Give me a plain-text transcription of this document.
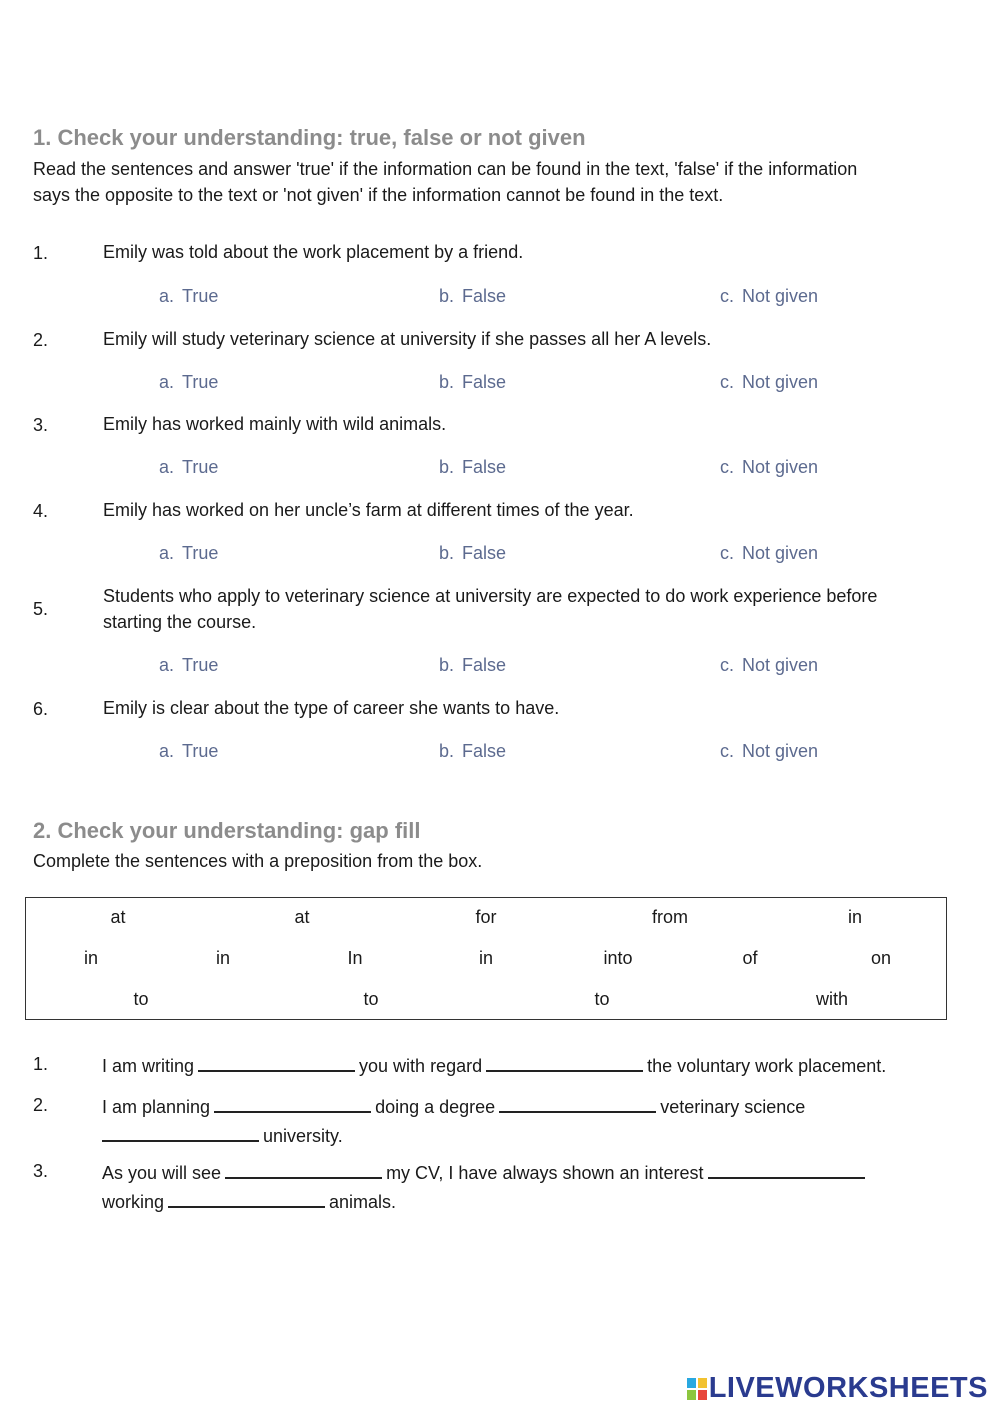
1. Check your understanding: true, false or not given
Read the sentences and answer 'true' if the information can be found in the text, 'false' if the information
says the opposite to the text or 'not given' if the information cannot be found in the text.
1.	Emily was told about the work placement by a friend.
a. True	b. False	c. Not given
2.	Emily will study veterinary science at university if she passes all her A levels.
a. True	b. False	c. Not given
3.	Emily has worked mainly with wild animals.
a. True	b. False	c. Not given
4.	Emily has worked on her uncle’s farm at different times of the year.
a. True	b. False	c. Not given
5.
Students who apply to veterinary science at university are expected to do work experience before
starting the course.
a. True	b. False	c. Not given
6.	Emily is clear about the type of career she wants to have.
a. True	b. False	c. Not given
2. Check your understanding: gap fill
Complete the sentences with a preposition from the box.
at	at	for	from	in
in	in	In	in	into	of	on
to	to	to	with
1.	I am writing	you with regard	the voluntary work placement.
2.	I am planning	doing a degree	veterinary science
university.
3.	As you will see	my CV, I have always shown an interest
working	animals.
LIVEWORKSHEETS
